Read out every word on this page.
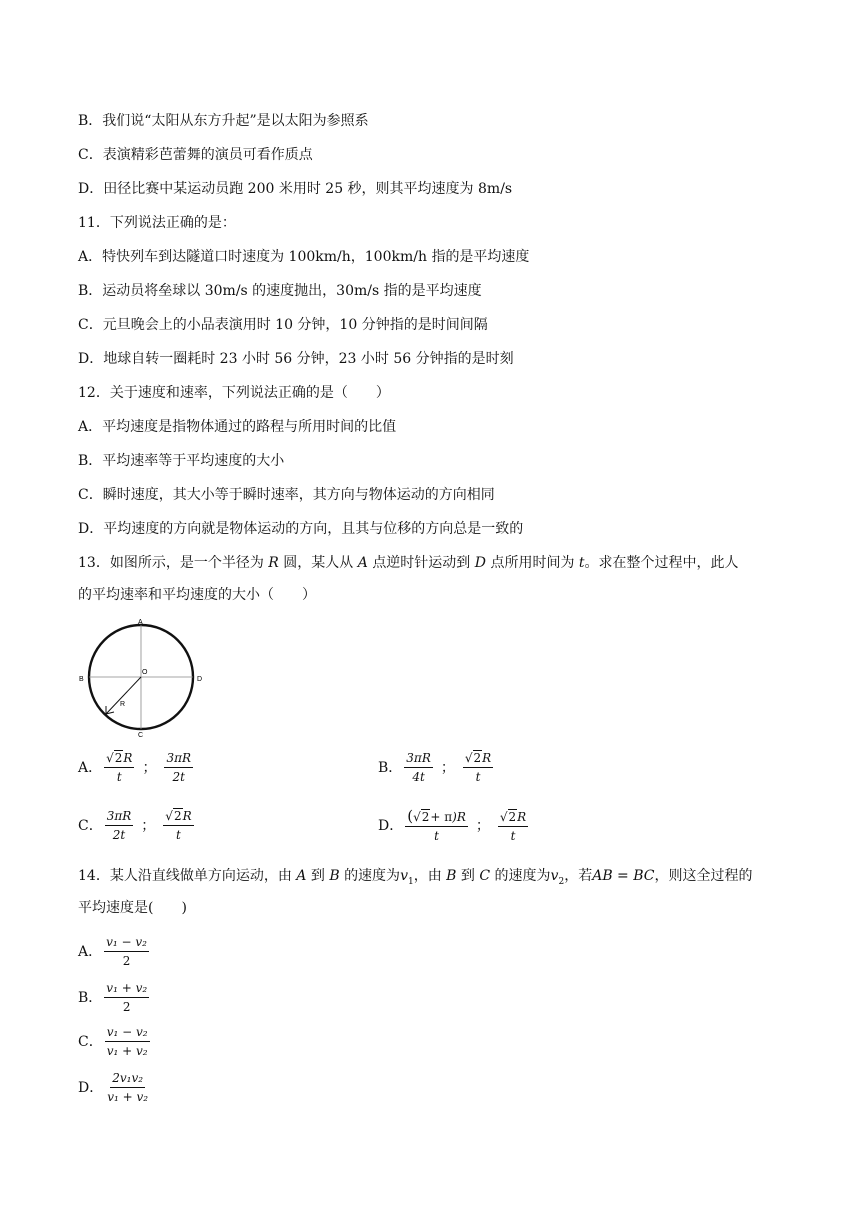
B．我们说“太阳从东方升起”是以太阳为参照系
C．表演精彩芭蕾舞的演员可看作质点
D．田径比赛中某运动员跑 200 米用时 25 秒，则其平均速度为 8m/s
11．下列说法正确的是：
A．特快列车到达隧道口时速度为 100km/h，100km/h 指的是平均速度
B．运动员将垒球以 30m/s 的速度抛出，30m/s 指的是平均速度
C．元旦晚会上的小品表演用时 10 分钟，10 分钟指的是时间间隔
D．地球自转一圈耗时 23 小时 56 分钟，23 小时 56 分钟指的是时刻
12．关于速度和速率，下列说法正确的是（　　）
A．平均速度是指物体通过的路程与所用时间的比值
B．平均速率等于平均速度的大小
C．瞬时速度，其大小等于瞬时速率，其方向与物体运动的方向相同
D．平均速度的方向就是物体运动的方向，且其与位移的方向总是一致的
13．如图所示，是一个半径为 R 圆，某人从 A 点逆时针运动到 D 点所用时间为 t。求在整个过程中，此人
的平均速率和平均速度的大小（　　）
A
B	D
C
O
R
A． $\frac{√2R}{t}$ ； $\frac{3\pi R}{2t}$	B． $\frac{3\pi R}{4t}$ ； $\frac{√2R}{t}$
C． $\frac{3\pi R}{2t}$ ； $\frac{√2R}{t}$	D． $\frac{(√2+ \pi)R}{t}$ ； $\frac{√2R}{t}$
14．某人沿直线做单方向运动，由 A 到 B 的速度为$v_1$，由 B 到 C 的速度为$v_2$，若AB = BC，则这全过程的
平均速度是(　　)
A． $\frac{\text{v₁ − v₂}}{2}$
B． $\frac{\text{v₁ + v₂}}{2}$
C． $\frac{\text{v₁ − v₂}}{\text{v₁ + v₂}}$
D． $\frac{\text{2v₁v₂}}{\text{v₁ + v₂}}$
